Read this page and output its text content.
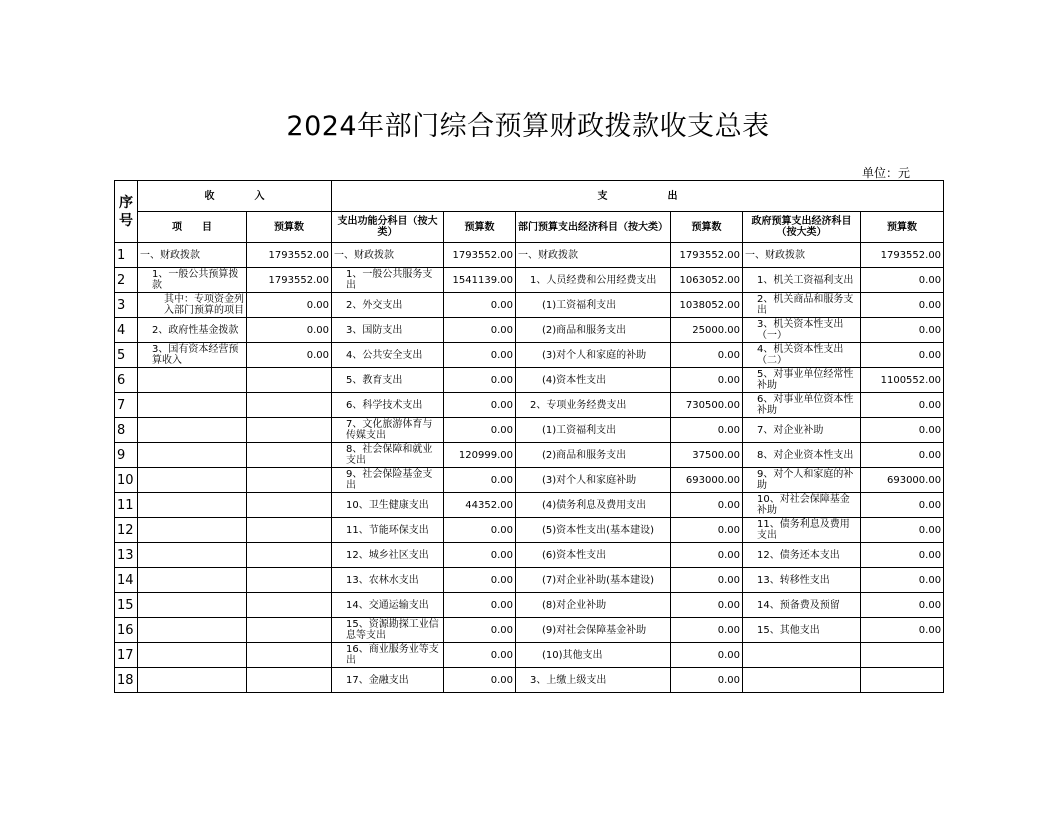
2024年部门综合预算财政拨款收支总表
单位：元
序号	收　　　　入		支　　　　　　出					
	项　　目	预算数	支出功能分科目（按大类）	预算数	部门预算支出经济科目（按大类）	预算数	政府预算支出经济科目（按大类）	预算数
1	一、财政拨款	1793552.00	一、财政拨款	1793552.00	一、财政拨款	1793552.00	一、财政拨款	1793552.00
2	1、一般公共预算拨款	1793552.00	1、一般公共服务支出	1541139.00	1、人员经费和公用经费支出	1063052.00	1、机关工资福利支出	0.00
3	其中：专项资金列入部门预算的项目	0.00	2、外交支出	0.00	(1)工资福利支出	1038052.00	2、机关商品和服务支出	0.00
4	2、政府性基金拨款	0.00	3、国防支出	0.00	(2)商品和服务支出	25000.00	3、机关资本性支出（一）	0.00
5	3、国有资本经营预算收入	0.00	4、公共安全支出	0.00	(3)对个人和家庭的补助	0.00	4、机关资本性支出（二）	0.00
6			5、教育支出	0.00	(4)资本性支出	0.00	5、对事业单位经常性补助	1100552.00
7			6、科学技术支出	0.00	2、专项业务经费支出	730500.00	6、对事业单位资本性补助	0.00
8			7、文化旅游体育与传媒支出	0.00	(1)工资福利支出	0.00	7、对企业补助	0.00
9			8、社会保障和就业支出	120999.00	(2)商品和服务支出	37500.00	8、对企业资本性支出	0.00
10			9、社会保险基金支出	0.00	(3)对个人和家庭补助	693000.00	9、对个人和家庭的补助	693000.00
11			10、卫生健康支出	44352.00	(4)债务利息及费用支出	0.00	10、对社会保障基金补助	0.00
12			11、节能环保支出	0.00	(5)资本性支出(基本建设)	0.00	11、债务利息及费用支出	0.00
13			12、城乡社区支出	0.00	(6)资本性支出	0.00	12、债务还本支出	0.00
14			13、农林水支出	0.00	(7)对企业补助(基本建设)	0.00	13、转移性支出	0.00
15			14、交通运输支出	0.00	(8)对企业补助	0.00	14、预备费及预留	0.00
16			15、资源勘探工业信息等支出	0.00	(9)对社会保障基金补助	0.00	15、其他支出	0.00
17			16、商业服务业等支出	0.00	(10)其他支出	0.00		
18			17、金融支出	0.00	3、上缴上级支出	0.00		
